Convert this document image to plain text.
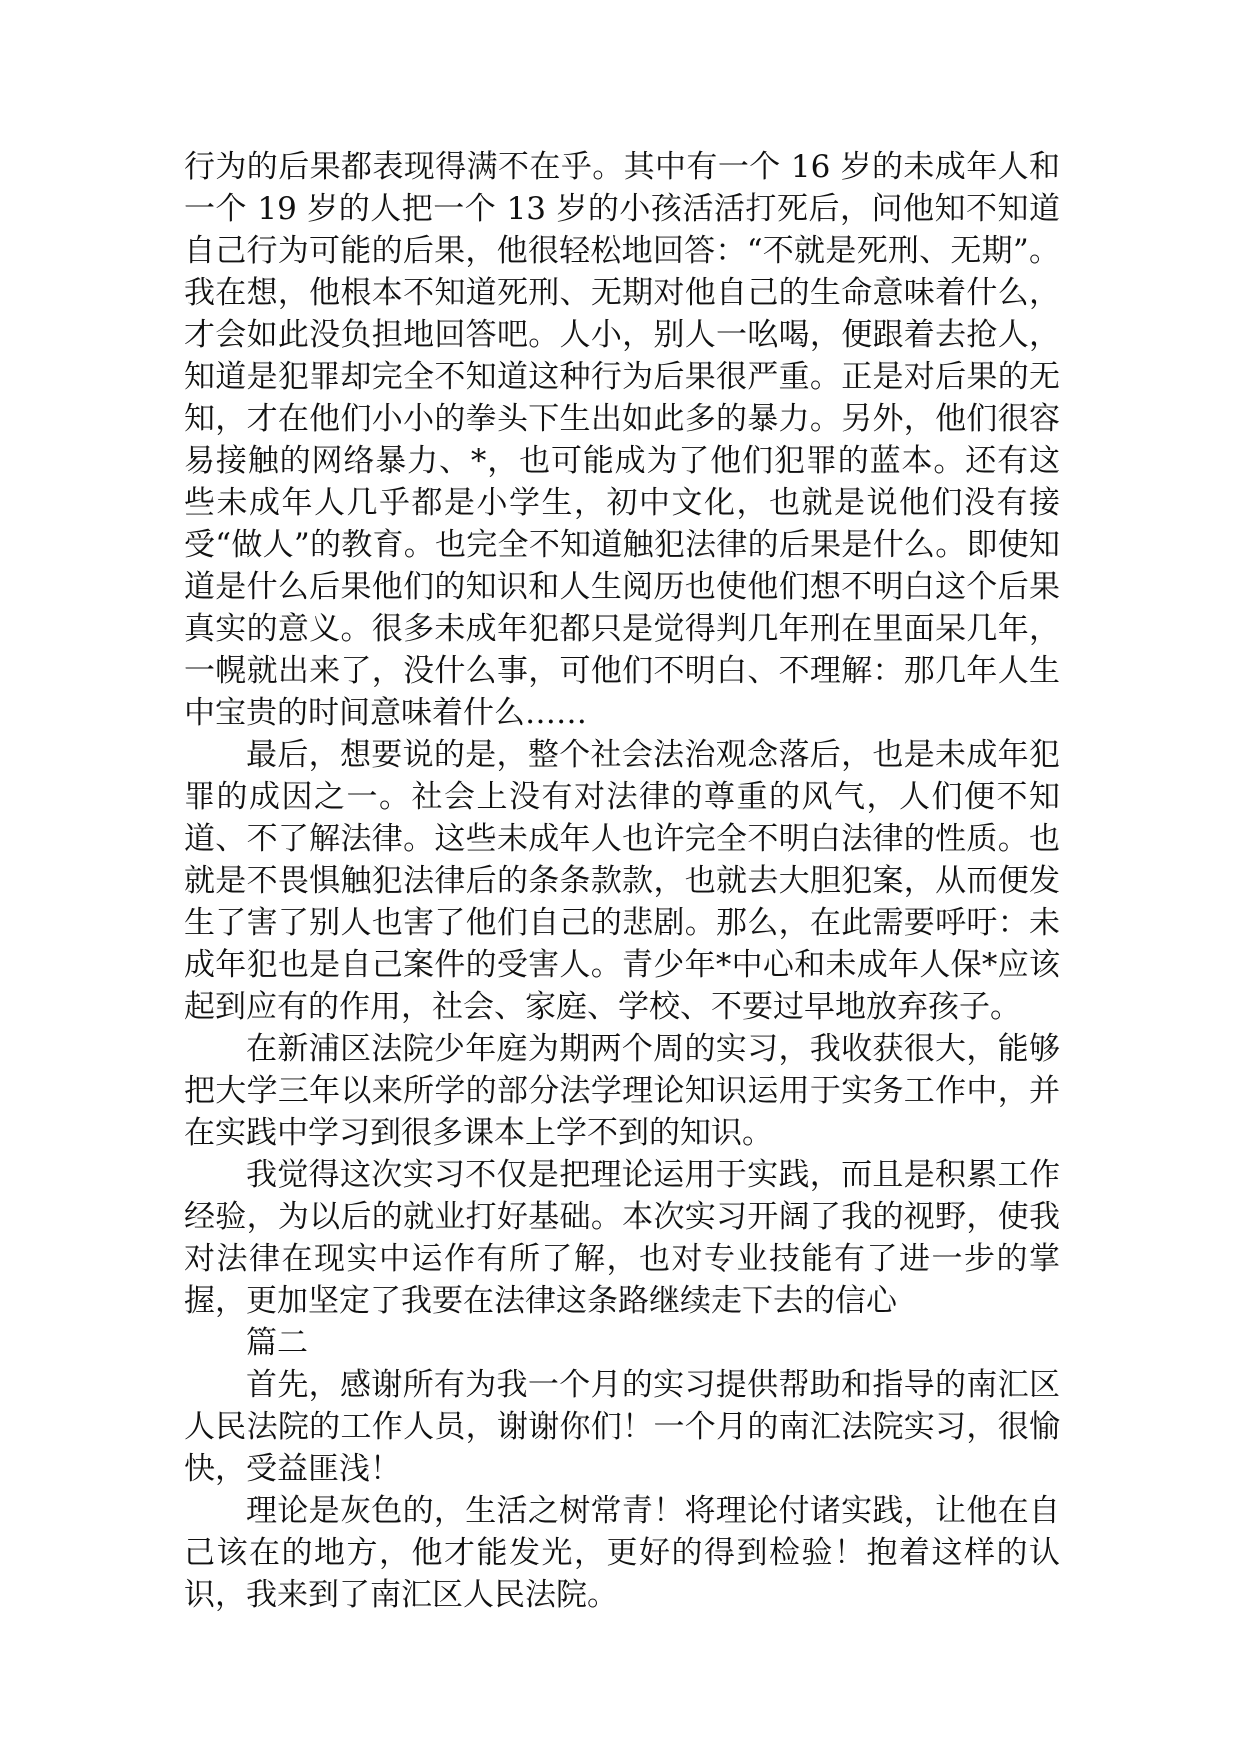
行为的后果都表现得满不在乎。其中有一个 16 岁的未成年人和一个 19 岁的人把一个 13 岁的小孩活活打死后，问他知不知道自己行为可能的后果，他很轻松地回答：“不就是死刑、无期”。我在想，他根本不知道死刑、无期对他自己的生命意味着什么，才会如此没负担地回答吧。人小，别人一吆喝，便跟着去抢人，知道是犯罪却完全不知道这种行为后果很严重。正是对后果的无知，才在他们小小的拳头下生出如此多的暴力。另外，他们很容易接触的网络暴力、*，也可能成为了他们犯罪的蓝本。还有这些未成年人几乎都是小学生，初中文化，也就是说他们没有接受“做人”的教育。也完全不知道触犯法律的后果是什么。即使知道是什么后果他们的知识和人生阅历也使他们想不明白这个后果真实的意义。很多未成年犯都只是觉得判几年刑在里面呆几年，一幌就出来了，没什么事，可他们不明白、不理解：那几年人生中宝贵的时间意味着什么……

最后，想要说的是，整个社会法治观念落后，也是未成年犯罪的成因之一。社会上没有对法律的尊重的风气，人们便不知道、不了解法律。这些未成年人也许完全不明白法律的性质。也就是不畏惧触犯法律后的条条款款，也就去大胆犯案，从而便发生了害了别人也害了他们自己的悲剧。那么，在此需要呼吁：未成年犯也是自己案件的受害人。青少年*中心和未成年人保*应该起到应有的作用，社会、家庭、学校、不要过早地放弃孩子。

在新浦区法院少年庭为期两个周的实习，我收获很大，能够把大学三年以来所学的部分法学理论知识运用于实务工作中，并在实践中学习到很多课本上学不到的知识。

我觉得这次实习不仅是把理论运用于实践，而且是积累工作经验，为以后的就业打好基础。本次实习开阔了我的视野，使我对法律在现实中运作有所了解，也对专业技能有了进一步的掌握，更加坚定了我要在法律这条路继续走下去的信心

篇二

首先，感谢所有为我一个月的实习提供帮助和指导的南汇区人民法院的工作人员，谢谢你们！一个月的南汇法院实习，很愉快，受益匪浅！

理论是灰色的，生活之树常青！将理论付诸实践，让他在自己该在的地方，他才能发光，更好的得到检验！抱着这样的认识，我来到了南汇区人民法院。
